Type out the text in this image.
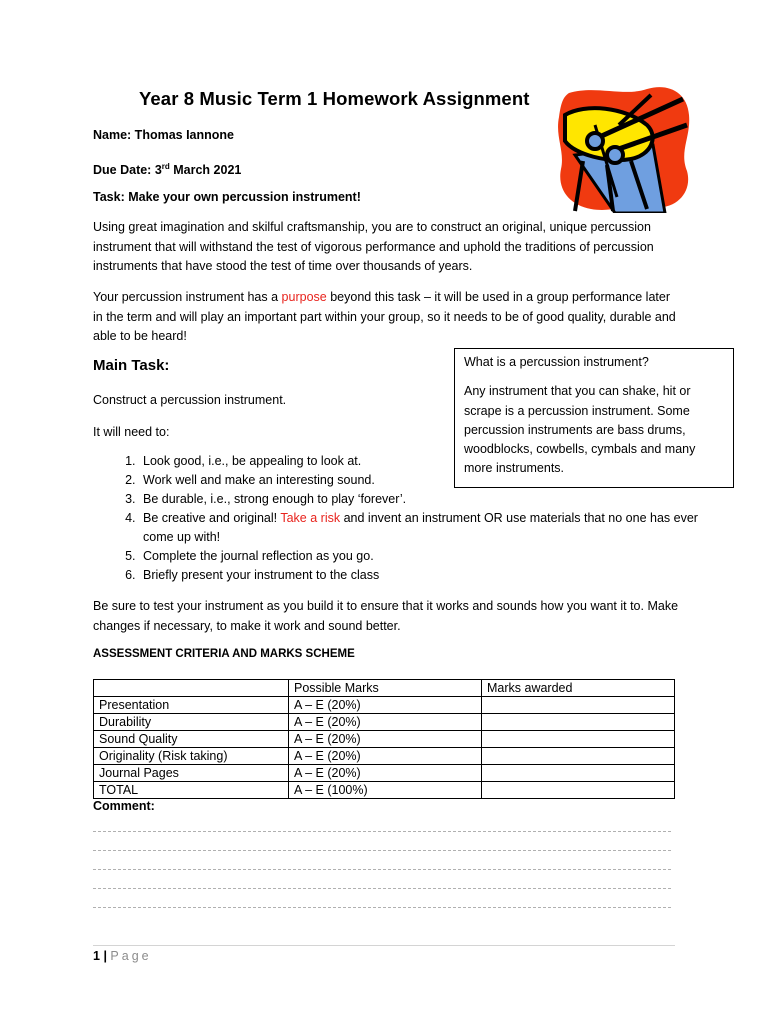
Year 8 Music Term 1 Homework Assignment
Name: Thomas Iannone
Due Date: 3rd March 2021
Task: Make your own percussion instrument!
Using great imagination and skilful craftsmanship, you are to construct an original, unique percussion instrument that will withstand the test of vigorous performance and uphold the traditions of percussion instruments that have stood the test of time over thousands of years.
Your percussion instrument has a purpose beyond this task – it will be used in a group performance later in the term and will play an important part within your group, so it needs to be of good quality, durable and able to be heard!
Main Task:
Construct a percussion instrument.
It will need to:

What is a percussion instrument?

Any instrument that you can shake, hit or scrape is a percussion instrument. Some percussion instruments are bass drums, woodblocks, cowbells, cymbals and many more instruments.

1. Look good, i.e., be appealing to look at.
2. Work well and make an interesting sound.
3. Be durable, i.e., strong enough to play ‘forever’.
4. Be creative and original! Take a risk and invent an instrument OR use materials that no one has ever come up with!
5. Complete the journal reflection as you go.
6. Briefly present your instrument to the class
Be sure to test your instrument as you build it to ensure that it works and sounds how you want it to. Make changes if necessary, to make it work and sound better.
ASSESSMENT CRITERIA AND MARKS SCHEME
	Possible Marks	Marks awarded
Presentation	A – E (20%)	
Durability	A – E (20%)	
Sound Quality	A – E (20%)	
Originality (Risk taking)	A – E (20%)	
Journal Pages	A – E (20%)	
TOTAL	A – E (100%)	
Comment:
1 | Page
